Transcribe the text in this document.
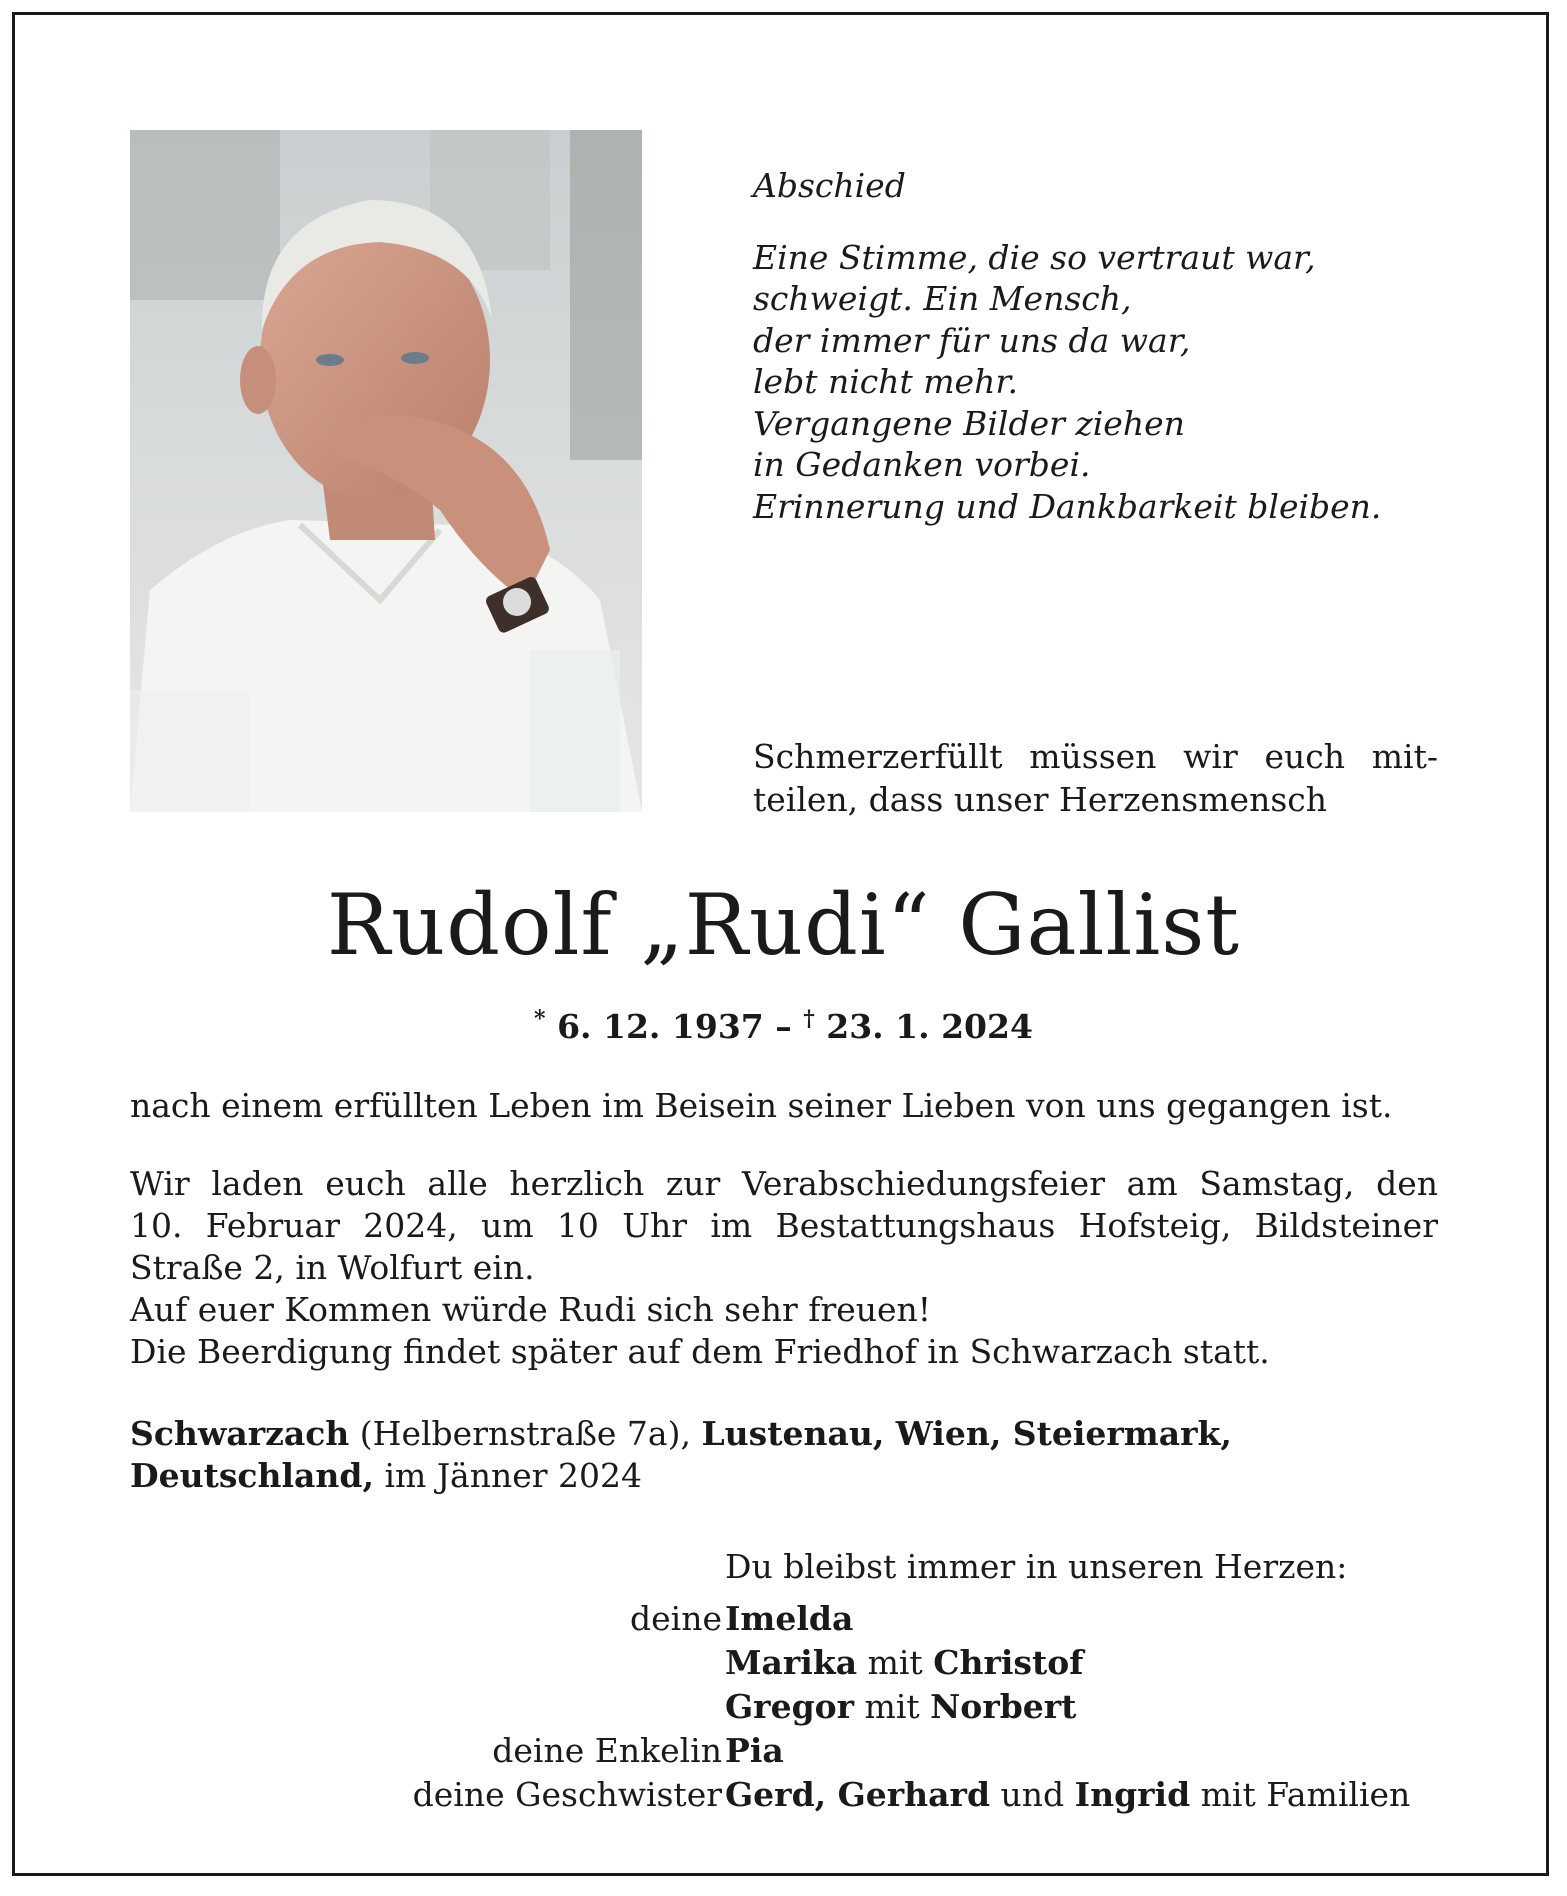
Abschied
Eine Stimme, die so vertraut war,
schweigt. Ein Mensch,
der immer für uns da war,
lebt nicht mehr.
Vergangene Bilder ziehen
in Gedanken vorbei.
Erinnerung und Dankbarkeit bleiben.
Schmerzerfüllt müssen wir euch mit-
teilen, dass unser Herzensmensch
Rudolf „Rudi“ Gallist
* 6. 12. 1937 – † 23. 1. 2024
nach einem erfüllten Leben im Beisein seiner Lieben von uns gegangen ist.
Wir laden euch alle herzlich zur Verabschiedungsfeier am Samstag, den
10. Februar 2024, um 10 Uhr im Bestattungshaus Hofsteig, Bildsteiner
Straße 2, in Wolfurt ein.
Auf euer Kommen würde Rudi sich sehr freuen!
Die Beerdigung findet später auf dem Friedhof in Schwarzach statt.
Schwarzach (Helbernstraße 7a), Lustenau, Wien, Steiermark,
Deutschland, im Jänner 2024
Du bleibst immer in unseren Herzen:
deine Imelda
Marika mit Christof
Gregor mit Norbert
deine Enkelin Pia
deine Geschwister Gerd, Gerhard und Ingrid mit Familien
